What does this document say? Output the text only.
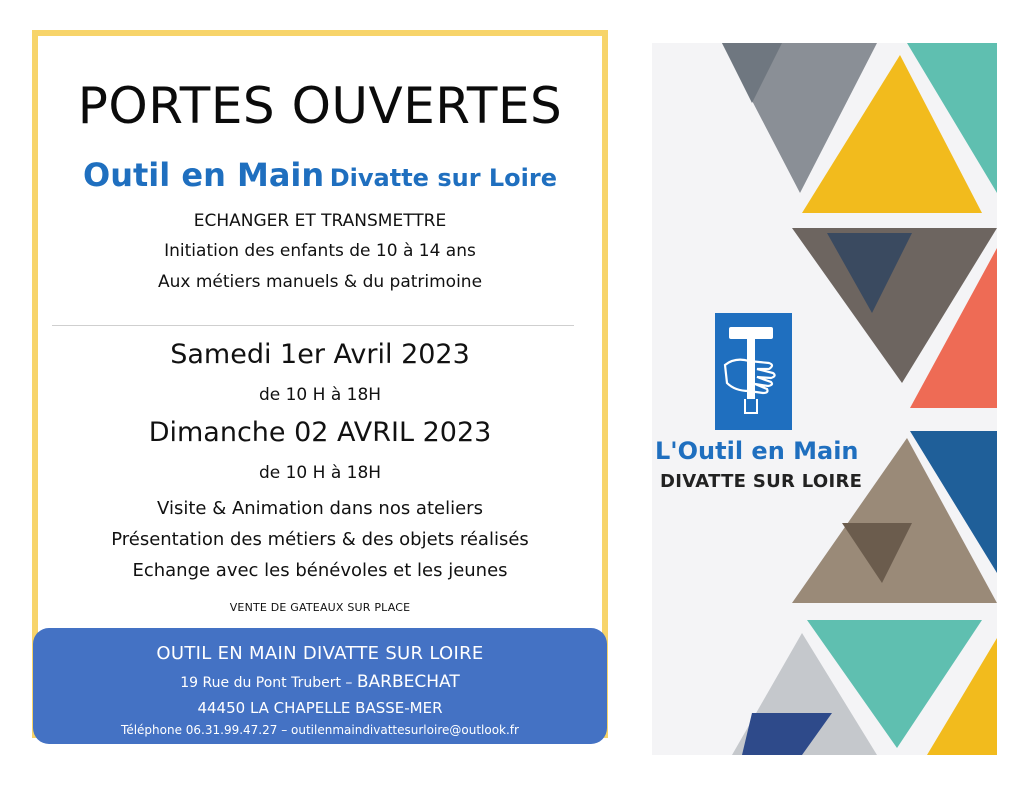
PORTES OUVERTES
Outil en Main Divatte sur Loire
ECHANGER ET TRANSMETTRE
Initiation des enfants de 10 à 14 ans
Aux métiers manuels & du patrimoine
Samedi 1er Avril 2023
de 10 H à 18H
Dimanche 02 AVRIL 2023
de 10 H à 18H
Visite & Animation dans nos ateliers
Présentation des métiers & des objets réalisés
Echange avec les bénévoles et les jeunes
VENTE DE GATEAUX SUR PLACE
OUTIL EN MAIN DIVATTE SUR LOIRE
19 Rue du Pont Trubert – BARBECHAT
44450 LA CHAPELLE BASSE-MER
Téléphone 06.31.99.47.27 – outilenmaindivattesurloire@outlook.fr
L'Outil en Main
DIVATTE SUR LOIRE
